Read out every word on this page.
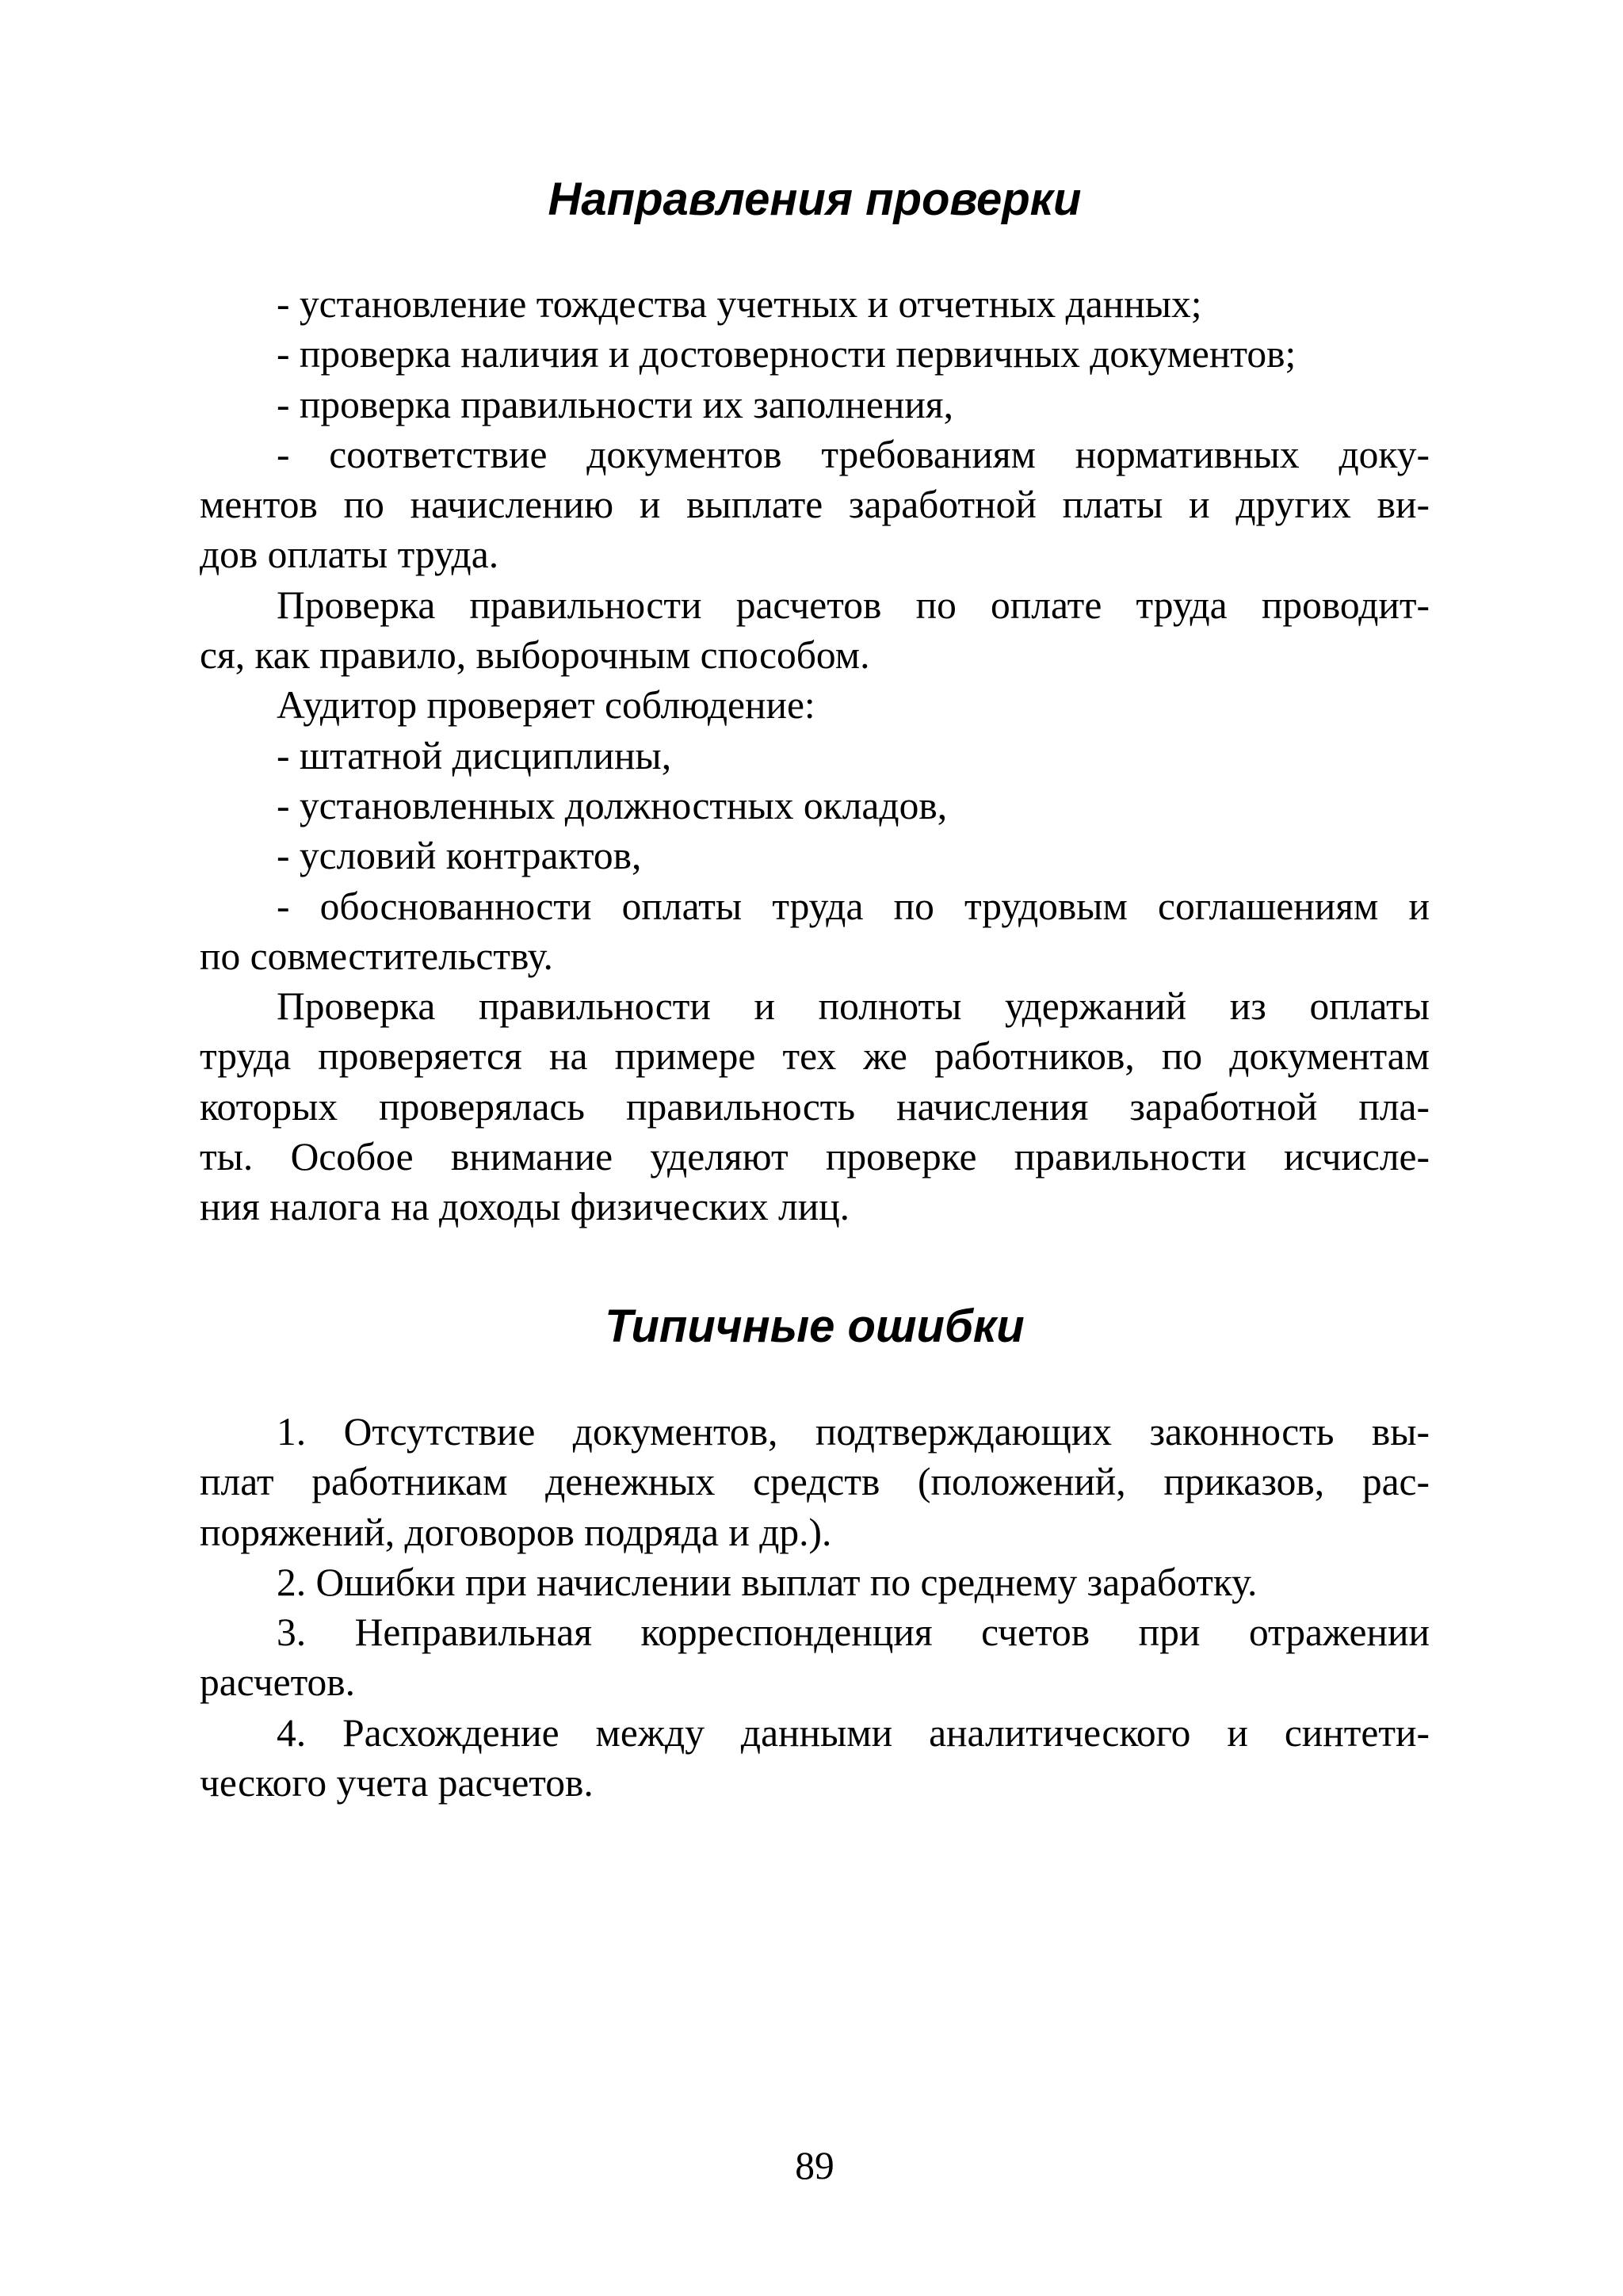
Направления проверки
- установление тождества учетных и отчетных данных;
- проверка наличия и достоверности первичных документов;
- проверка правильности их заполнения,
- соответствие документов требованиям нормативных доку-
ментов по начислению и выплате заработной платы и других ви-
дов оплаты труда.
Проверка правильности расчетов по оплате труда проводит-
ся, как правило, выборочным способом.
Аудитор проверяет соблюдение:
- штатной дисциплины,
- установленных должностных окладов,
- условий контрактов,
- обоснованности оплаты труда по трудовым соглашениям и
по совместительству.
Проверка правильности и полноты удержаний из оплаты
труда проверяется на примере тех же работников, по документам
которых проверялась правильность начисления заработной пла-
ты. Особое внимание уделяют проверке правильности исчисле-
ния налога на доходы физических лиц.
Типичные ошибки
1. Отсутствие документов, подтверждающих законность вы-
плат работникам денежных средств (положений, приказов, рас-
поряжений, договоров подряда и др.).
2. Ошибки при начислении выплат по среднему заработку.
3. Неправильная корреспонденция счетов при отражении
расчетов.
4. Расхождение между данными аналитического и синтети-
ческого учета расчетов.
89
